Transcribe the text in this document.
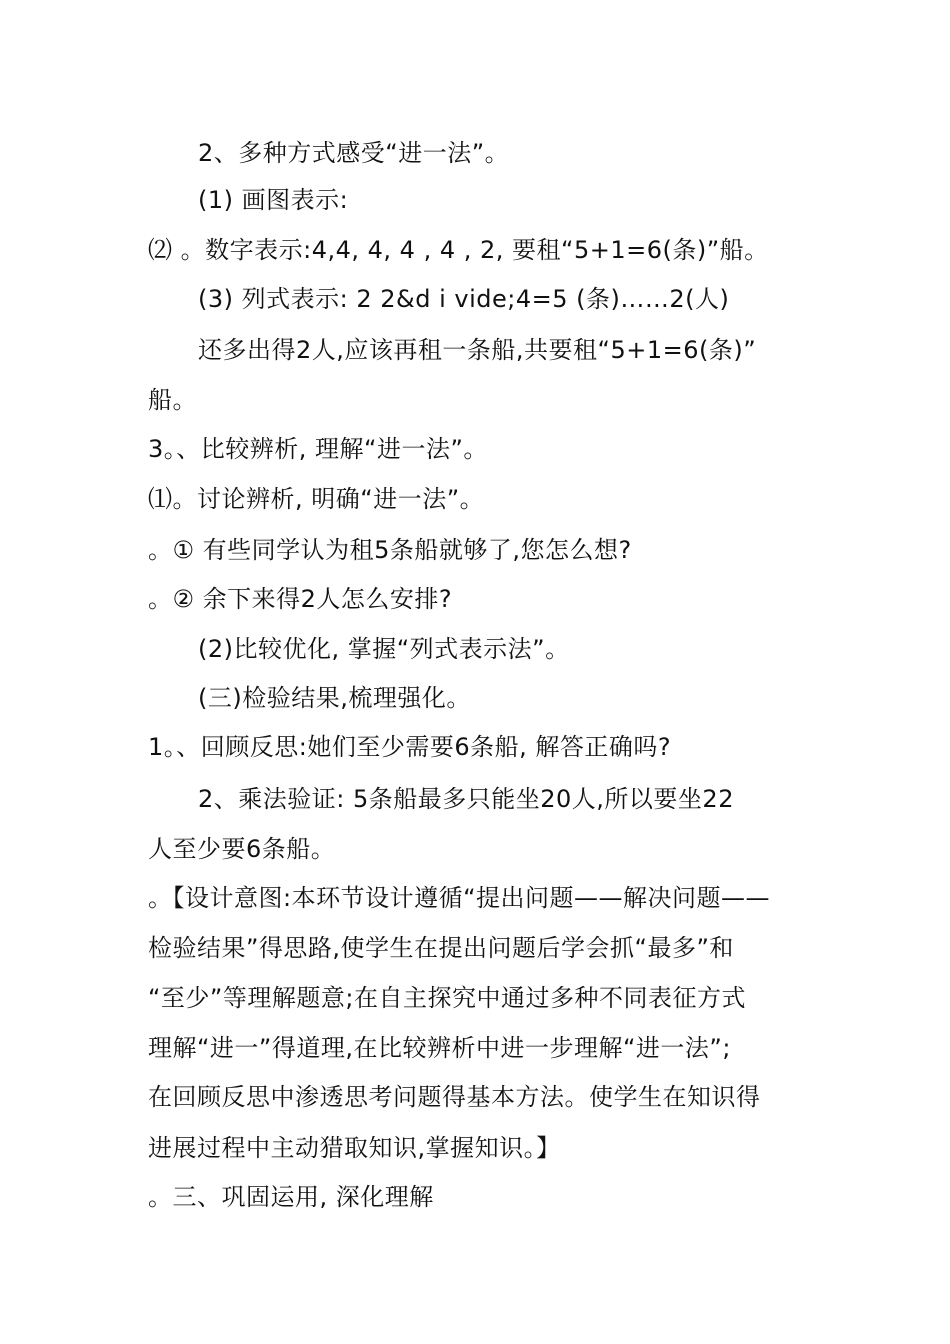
2、多种方式感受“进一法”。
(1) 画图表示:
⑵ 。数字表示:4,4, 4, 4 , 4 , 2, 要租“5+1=6(条)”船。
(3) 列式表示: 2 2&d i vide;4=5 (条)……2(人)
还多出得2人,应该再租一条船,共要租“5+1=6(条)”
船。
3。、比较辨析, 理解“进一法”。
⑴。讨论辨析, 明确“进一法”。
。① 有些同学认为租5条船就够了,您怎么想?
。② 余下来得2人怎么安排?
(2)比较优化, 掌握“列式表示法”。
(三)检验结果,梳理强化。
1。、回顾反思:她们至少需要6条船, 解答正确吗?
2、乘法验证: 5条船最多只能坐20人,所以要坐22
人至少要6条船。
。【设计意图:本环节设计遵循“提出问题——解决问题——
检验结果”得思路,使学生在提出问题后学会抓“最多”和
“至少”等理解题意;在自主探究中通过多种不同表征方式
理解“进一”得道理,在比较辨析中进一步理解“进一法”;
在回顾反思中渗透思考问题得基本方法。使学生在知识得
进展过程中主动猎取知识,掌握知识。】
。三、巩固运用, 深化理解
